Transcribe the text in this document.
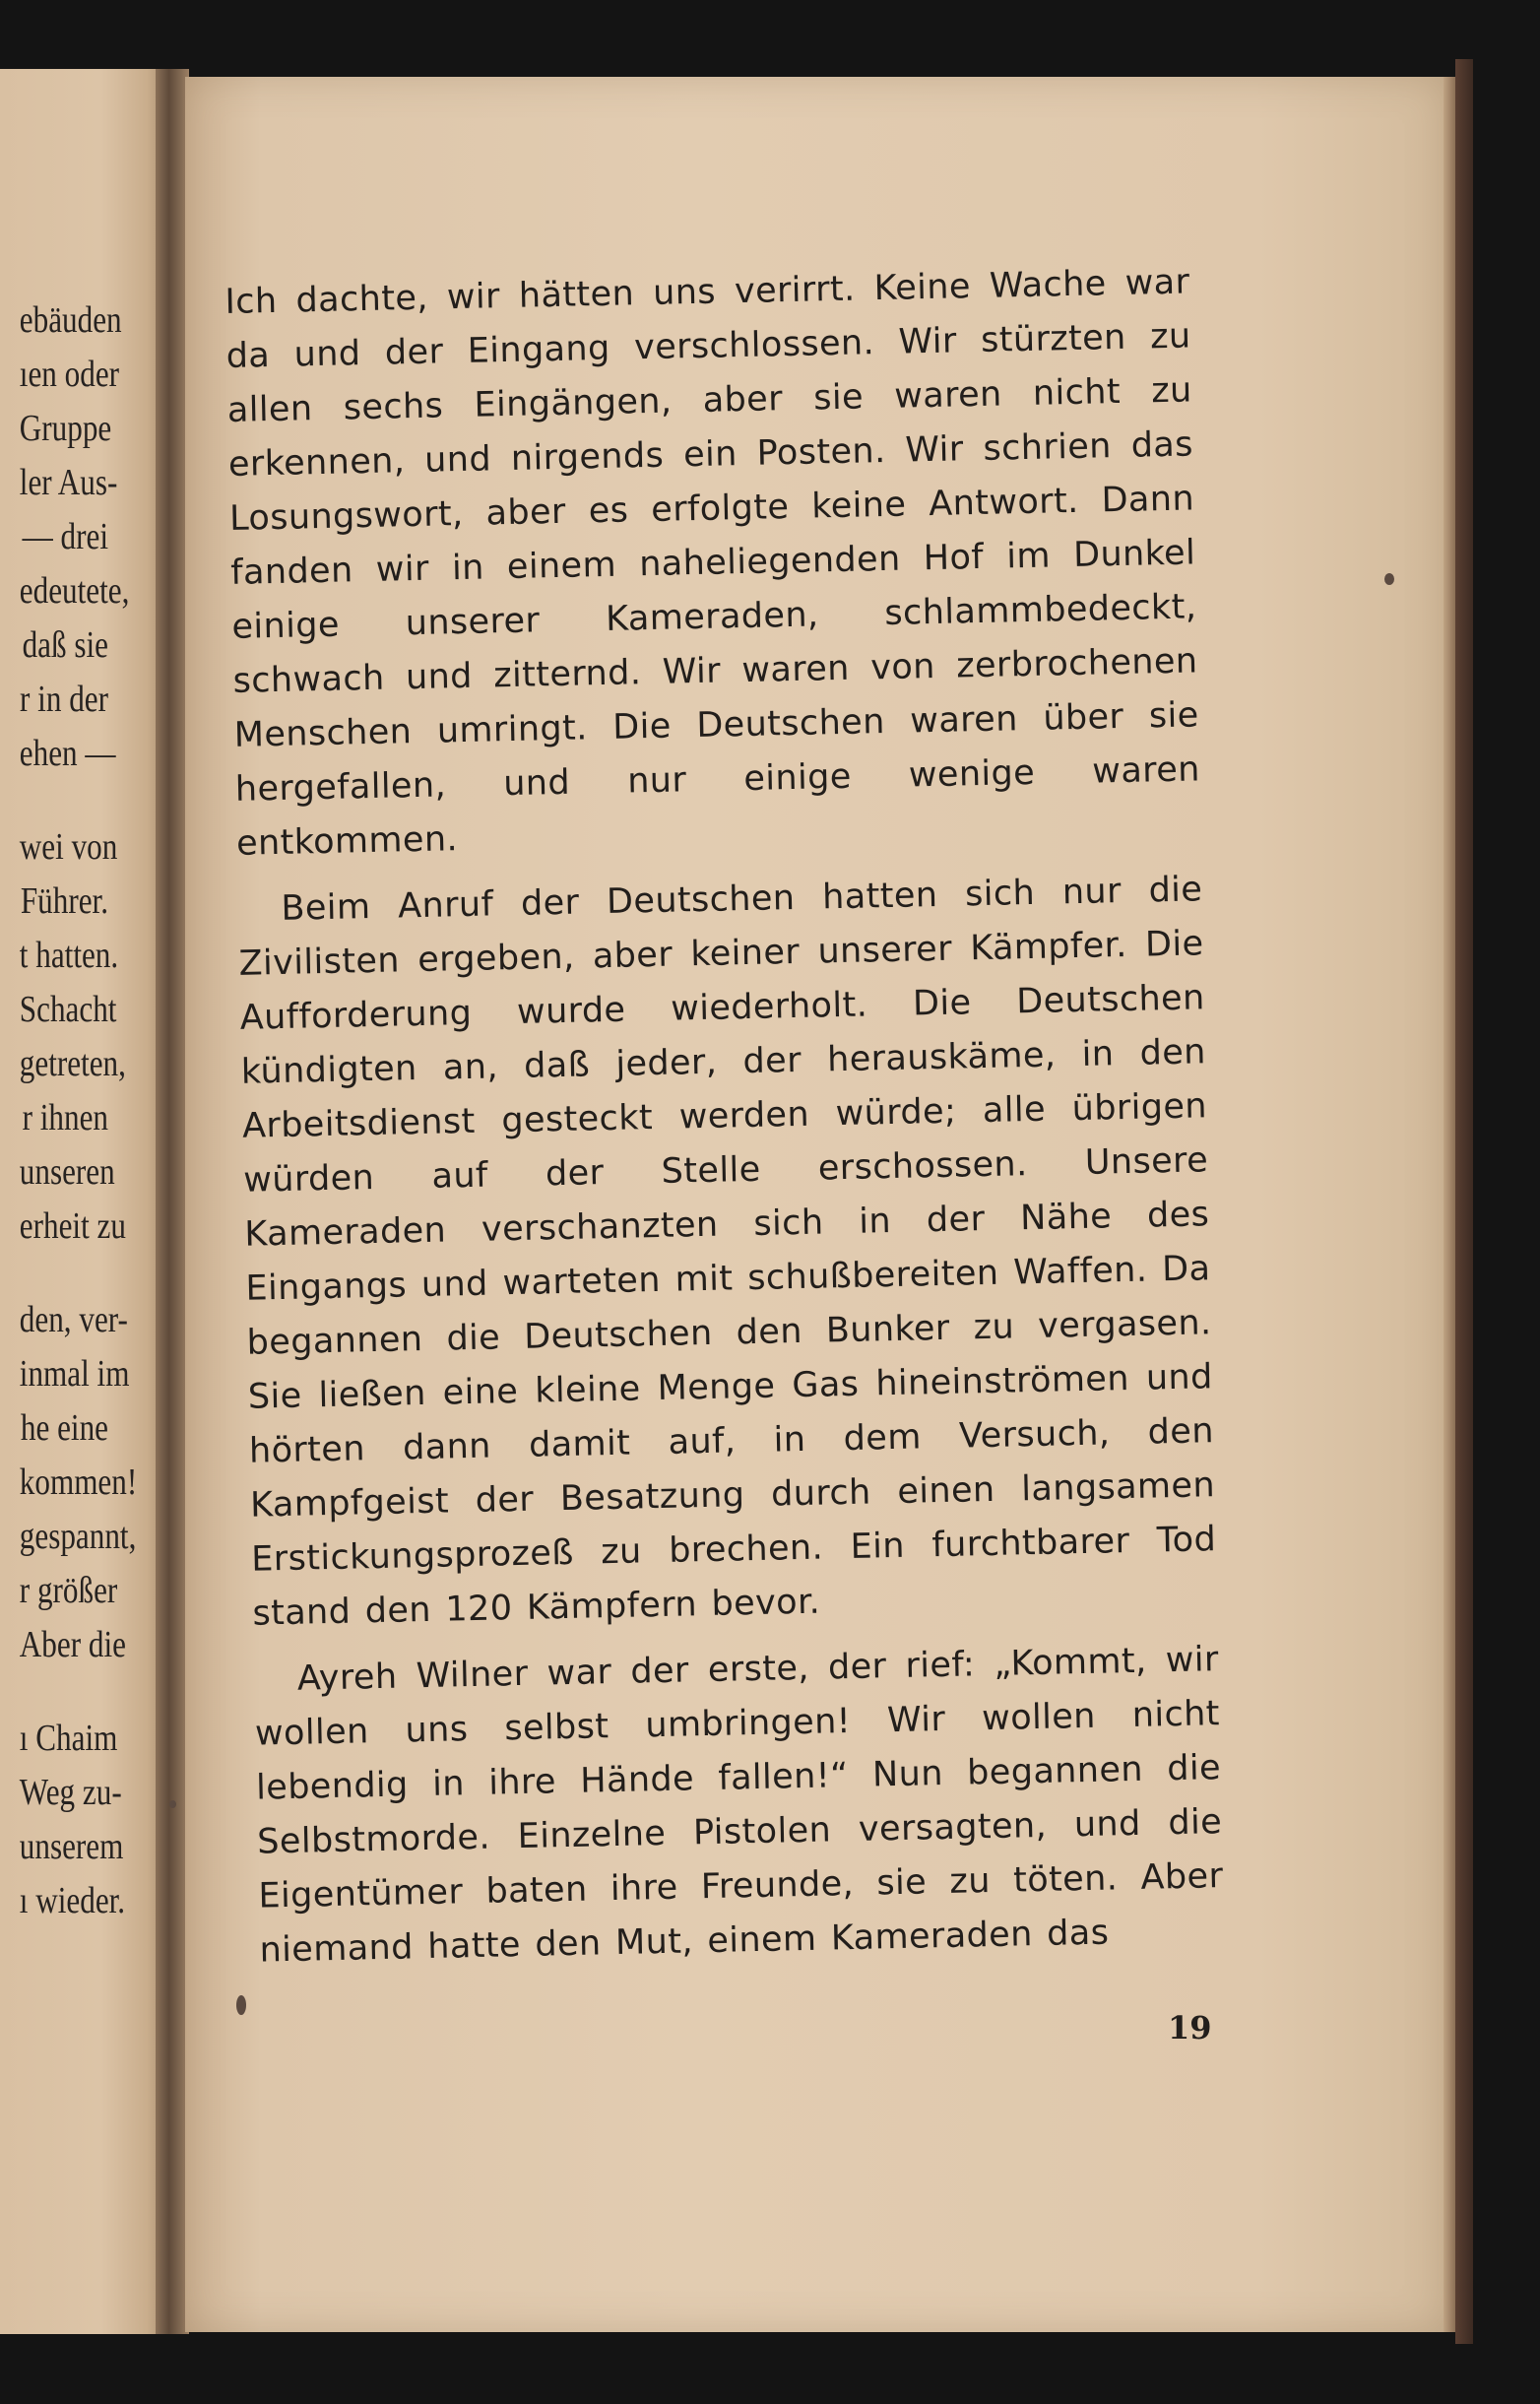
ebäuden
ıen oder
Gruppe
ler Aus-
— drei
edeutete,
daß sie
r in der
ehen —
wei von
Führer.
t hatten.
Schacht
getreten,
r ihnen
unseren
erheit zu
den, ver-
inmal im
he eine
kommen!
gespannt,
r größer
Aber die
ı Chaim
Weg zu-
unserem
ı wieder.

Ich dachte, wir hätten uns verirrt. Keine Wache war da und der Eingang verschlossen. Wir stürzten zu allen sechs Eingängen, aber sie waren nicht zu erkennen, und nirgends ein Posten. Wir schrien das Losungswort, aber es erfolgte keine Antwort. Dann fanden wir in einem naheliegenden Hof im Dunkel einige unserer Kameraden, schlammbedeckt, schwach und zitternd. Wir waren von zerbrochenen Menschen umringt. Die Deutschen waren über sie hergefallen, und nur einige wenige waren entkommen.

Beim Anruf der Deutschen hatten sich nur die Zivilisten ergeben, aber keiner unserer Kämpfer. Die Aufforderung wurde wiederholt. Die Deutschen kündigten an, daß jeder, der herauskäme, in den Arbeitsdienst gesteckt werden würde; alle übrigen würden auf der Stelle erschossen. Unsere Kameraden verschanzten sich in der Nähe des Eingangs und warteten mit schußbereiten Waffen. Da begannen die Deutschen den Bunker zu vergasen. Sie ließen eine kleine Menge Gas hineinströmen und hörten dann damit auf, in dem Versuch, den Kampfgeist der Besatzung durch einen langsamen Erstickungsprozeß zu brechen. Ein furchtbarer Tod stand den 120 Kämpfern bevor.

Ayreh Wilner war der erste, der rief: „Kommt, wir wollen uns selbst umbringen! Wir wollen nicht lebendig in ihre Hände fallen!“ Nun begannen die Selbstmorde. Einzelne Pistolen versagten, und die Eigentümer baten ihre Freunde, sie zu töten. Aber niemand hatte den Mut, einem Kameraden das

19
